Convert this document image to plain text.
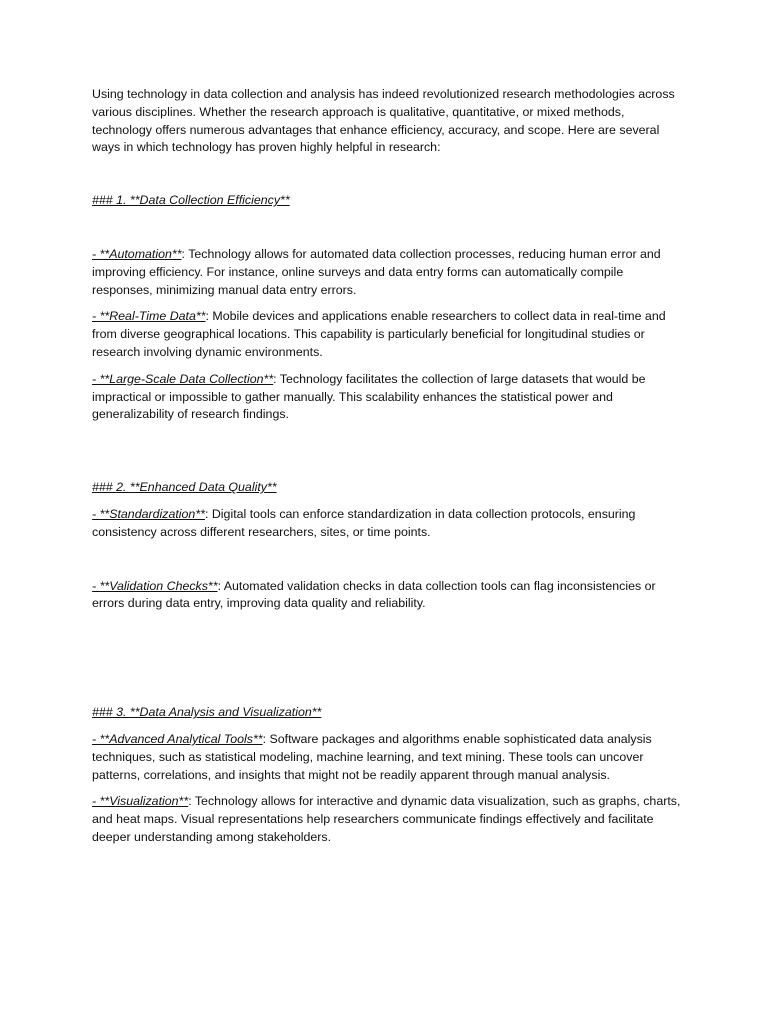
Using technology in data collection and analysis has indeed revolutionized research methodologies across various disciplines. Whether the research approach is qualitative, quantitative, or mixed methods, technology offers numerous advantages that enhance efficiency, accuracy, and scope. Here are several ways in which technology has proven highly helpful in research:

### 1. **Data Collection Efficiency**

- **Automation**: Technology allows for automated data collection processes, reducing human error and improving efficiency. For instance, online surveys and data entry forms can automatically compile responses, minimizing manual data entry errors.

- **Real-Time Data**: Mobile devices and applications enable researchers to collect data in real-time and from diverse geographical locations. This capability is particularly beneficial for longitudinal studies or research involving dynamic environments.

- **Large-Scale Data Collection**: Technology facilitates the collection of large datasets that would be impractical or impossible to gather manually. This scalability enhances the statistical power and generalizability of research findings.

### 2. **Enhanced Data Quality**

- **Standardization**: Digital tools can enforce standardization in data collection protocols, ensuring consistency across different researchers, sites, or time points.

- **Validation Checks**: Automated validation checks in data collection tools can flag inconsistencies or errors during data entry, improving data quality and reliability.

### 3. **Data Analysis and Visualization**

- **Advanced Analytical Tools**: Software packages and algorithms enable sophisticated data analysis techniques, such as statistical modeling, machine learning, and text mining. These tools can uncover patterns, correlations, and insights that might not be readily apparent through manual analysis.

- **Visualization**: Technology allows for interactive and dynamic data visualization, such as graphs, charts, and heat maps. Visual representations help researchers communicate findings effectively and facilitate deeper understanding among stakeholders.
